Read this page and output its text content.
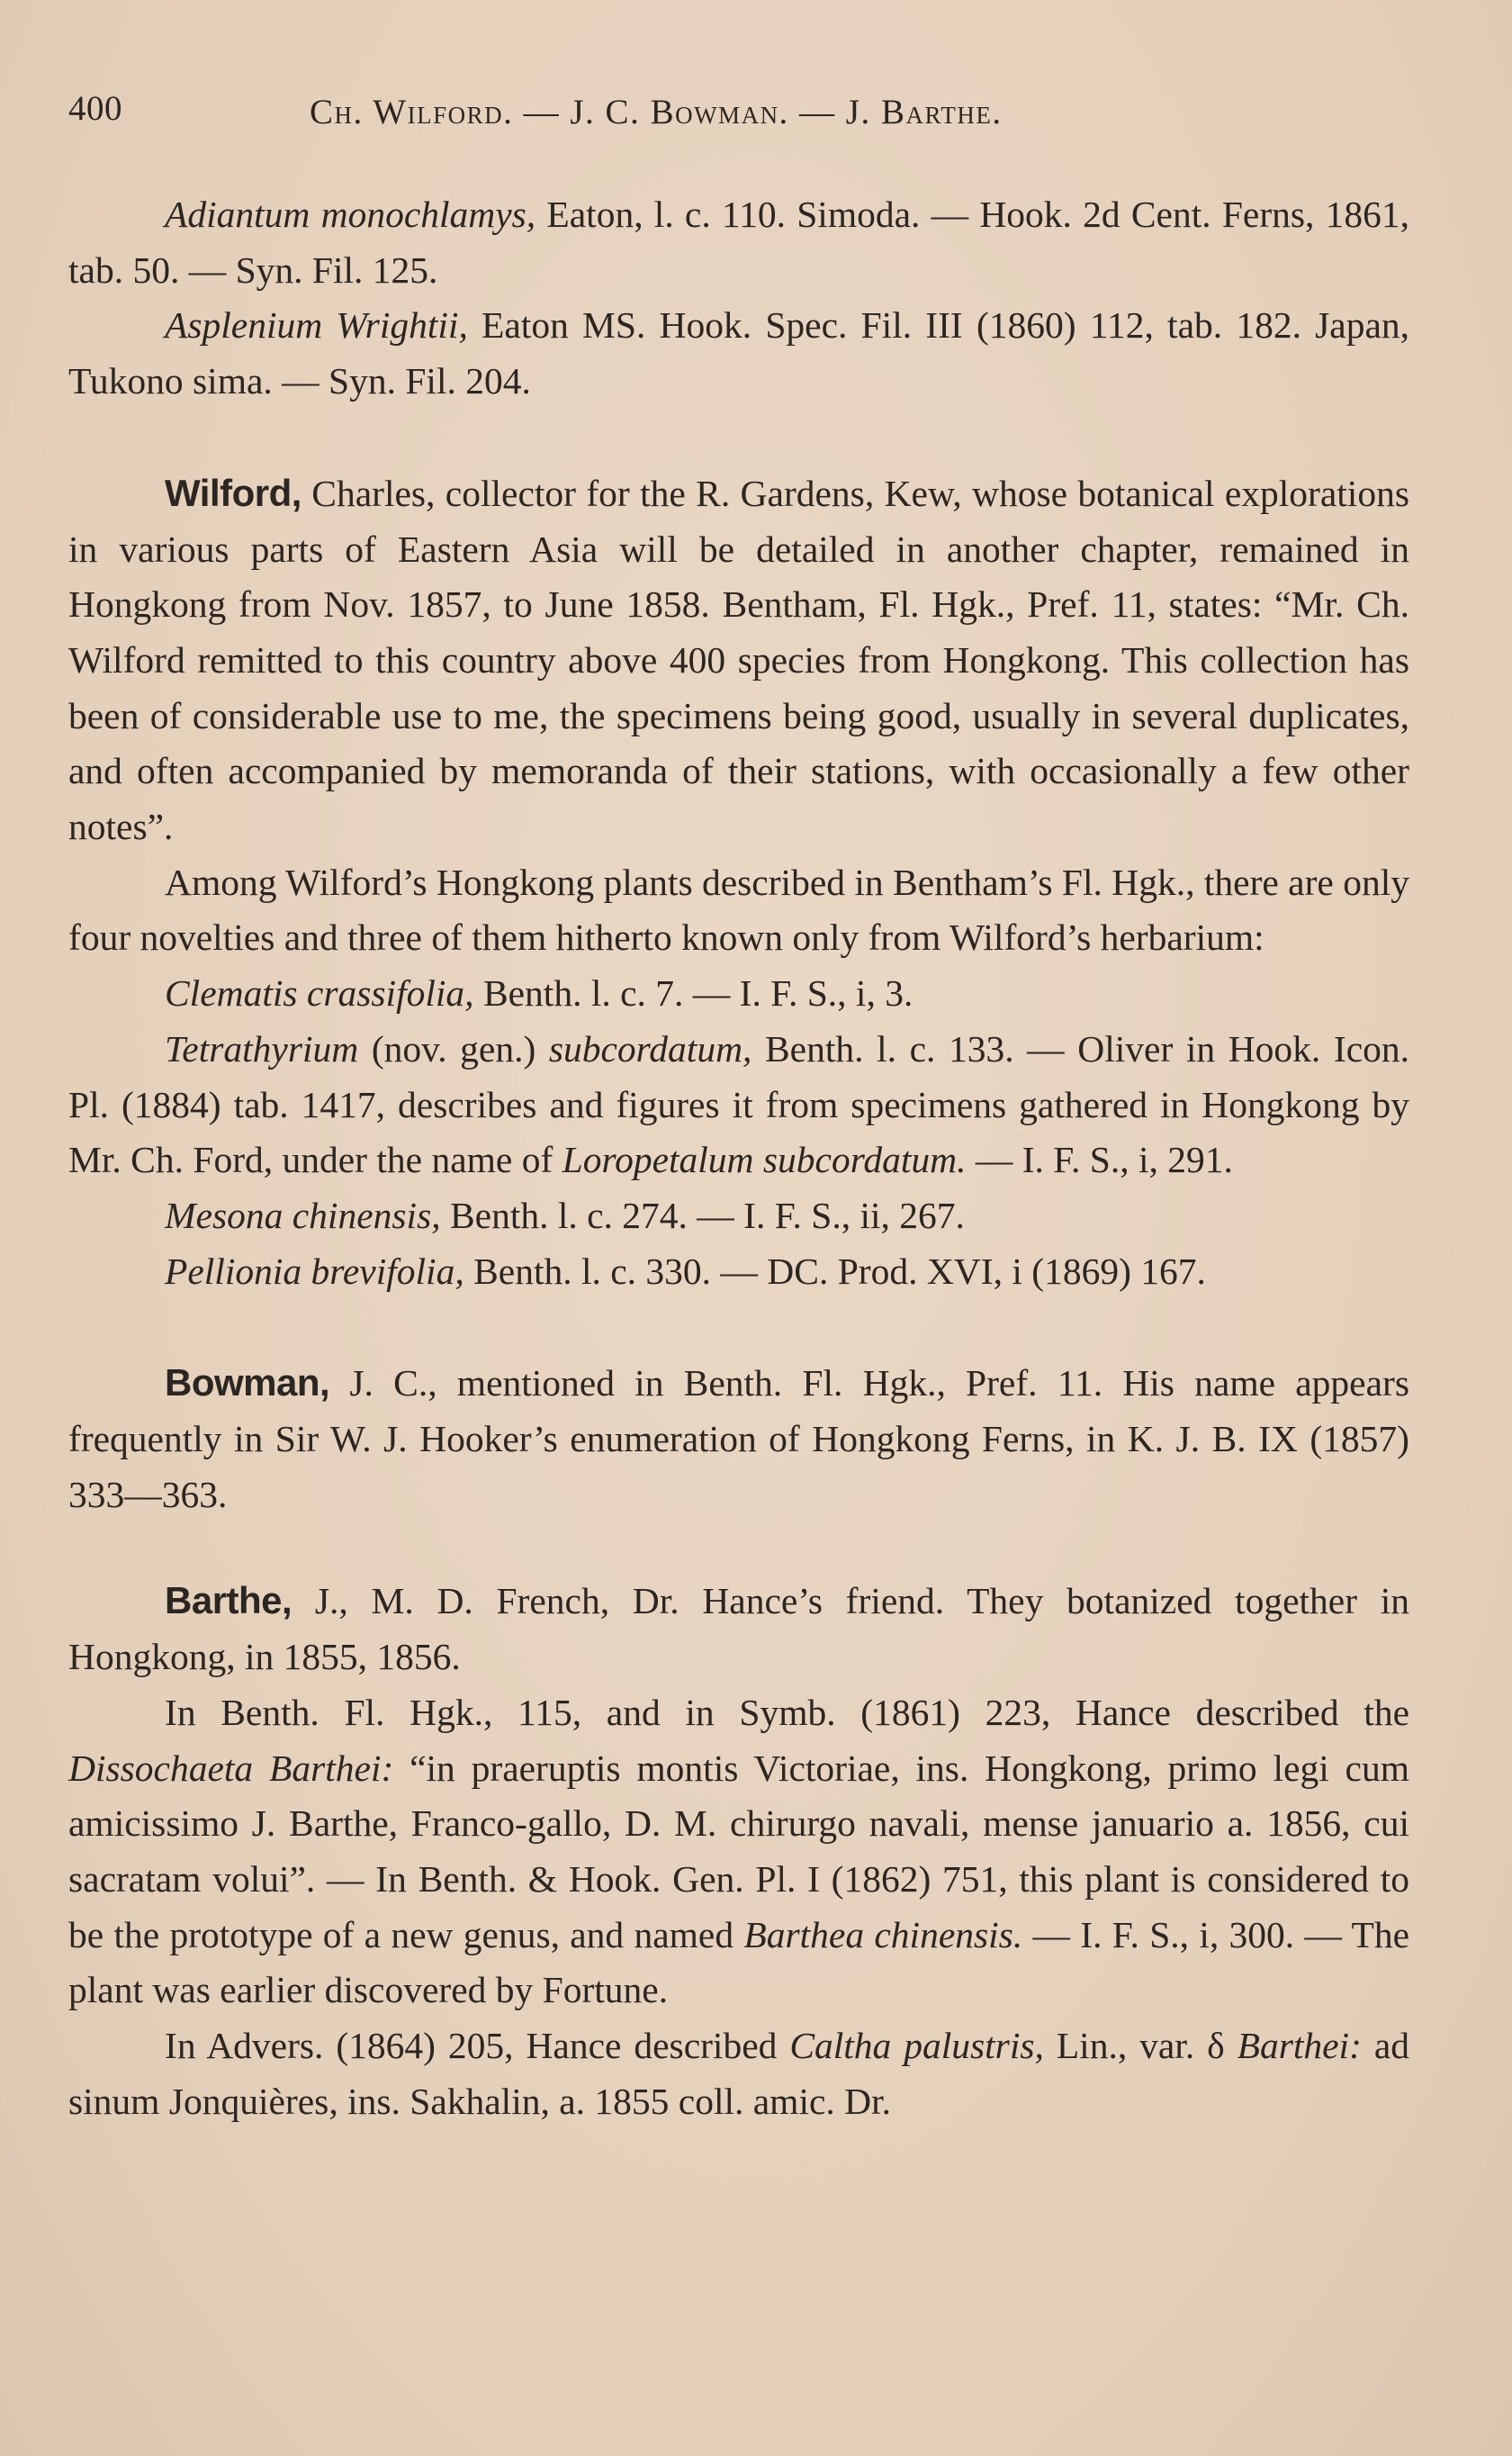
400	Ch. Wilford. — J. C. Bowman. — J. Barthe.

Adiantum monochlamys, Eaton, l. c. 110. Simoda. — Hook. 2d Cent. Ferns, 1861, tab. 50. — Syn. Fil. 125.

Asplenium Wrightii, Eaton MS. Hook. Spec. Fil. III (1860) 112, tab. 182. Japan, Tukono sima. — Syn. Fil. 204.

Wilford, Charles, collector for the R. Gardens, Kew, whose botanical explorations in various parts of Eastern Asia will be detailed in another chapter, remained in Hongkong from Nov. 1857, to June 1858. Bentham, Fl. Hgk., Pref. 11, states: “Mr. Ch. Wilford remitted to this country above 400 species from Hongkong. This collection has been of considerable use to me, the specimens being good, usually in several duplicates, and often accompanied by memoranda of their stations, with occasionally a few other notes”.

Among Wilford’s Hongkong plants described in Bentham’s Fl. Hgk., there are only four novelties and three of them hitherto known only from Wilford’s herbarium:

Clematis crassifolia, Benth. l. c. 7. — I. F. S., i, 3.

Tetrathyrium (nov. gen.) subcordatum, Benth. l. c. 133. — Oliver in Hook. Icon. Pl. (1884) tab. 1417, describes and figures it from specimens gathered in Hongkong by Mr. Ch. Ford, under the name of Loropetalum subcordatum. — I. F. S., i, 291.

Mesona chinensis, Benth. l. c. 274. — I. F. S., ii, 267.

Pellionia brevifolia, Benth. l. c. 330. — DC. Prod. XVI, i (1869) 167.

Bowman, J. C., mentioned in Benth. Fl. Hgk., Pref. 11. His name appears frequently in Sir W. J. Hooker’s enumeration of Hongkong Ferns, in K. J. B. IX (1857) 333—363.

Barthe, J., M. D. French, Dr. Hance’s friend. They botanized together in Hongkong, in 1855, 1856.

In Benth. Fl. Hgk., 115, and in Symb. (1861) 223, Hance described the Dissochaeta Barthei: “in praeruptis montis Victoriae, ins. Hongkong, primo legi cum amicissimo J. Barthe, Franco-gallo, D. M. chirurgo navali, mense januario a. 1856, cui sacratam volui”. — In Benth. & Hook. Gen. Pl. I (1862) 751, this plant is considered to be the prototype of a new genus, and named Barthea chinensis. — I. F. S., i, 300. — The plant was earlier discovered by Fortune.

In Advers. (1864) 205, Hance described Caltha palustris, Lin., var. δ Barthei: ad sinum Jonquières, ins. Sakhalin, a. 1855 coll. amic. Dr.
